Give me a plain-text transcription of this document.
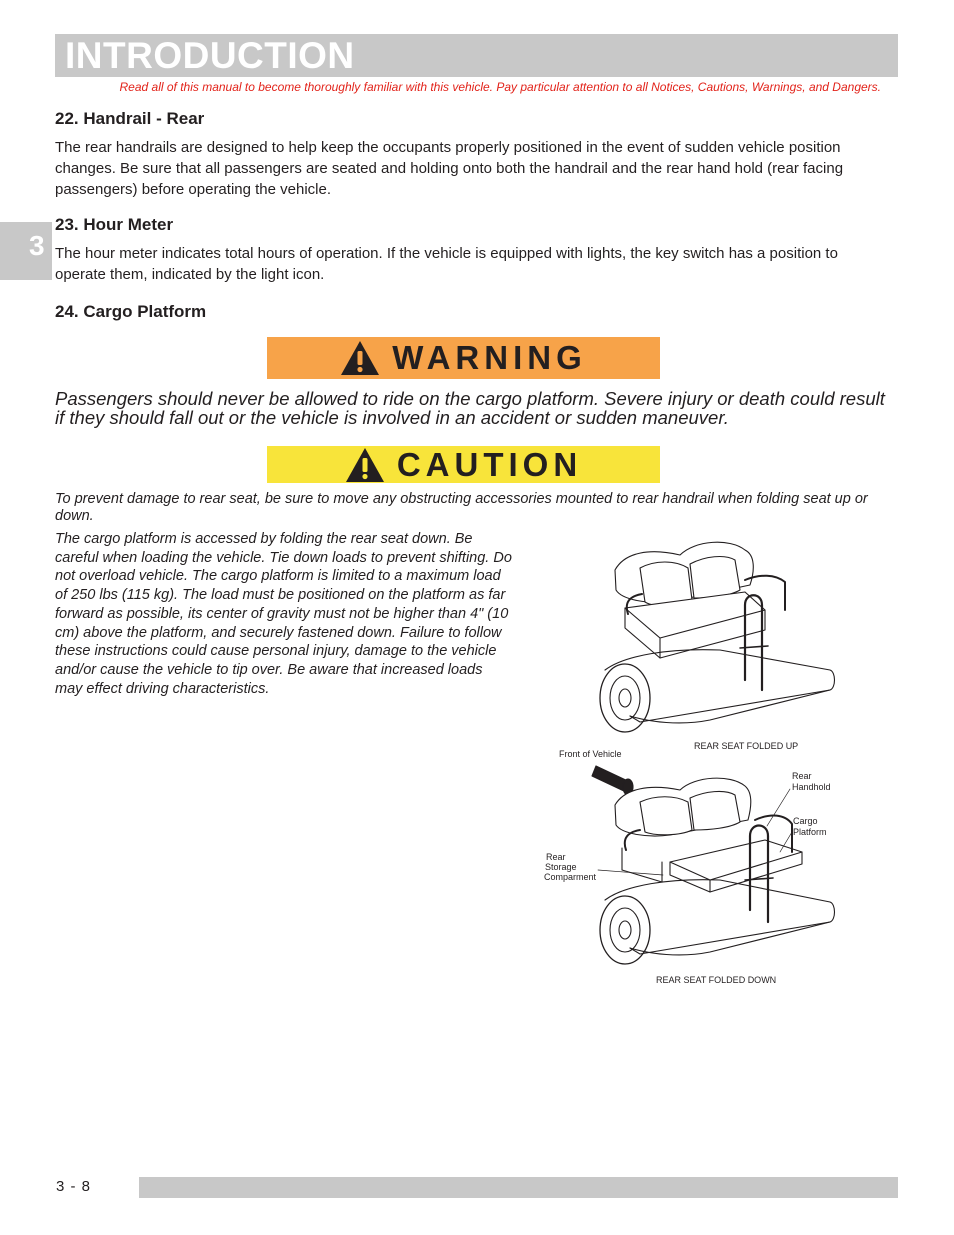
INTRODUCTION
Read all of this manual to become thoroughly familiar with this vehicle. Pay particular attention to all Notices, Cautions, Warnings, and Dangers.
3
22. Handrail - Rear

The rear handrails are designed to help keep the occupants properly positioned in the event of sudden vehicle position changes. Be sure that all passengers are seated and holding onto both the handrail and the rear hand hold (rear facing passengers) before operating the vehicle.

23. Hour Meter

The hour meter indicates total hours of operation. If the vehicle is equipped with lights, the key switch has a position to operate them, indicated by the light icon.

24. Cargo Platform
WARNING
Passengers should never be allowed to ride on the cargo platform. Severe injury or death could result if they should fall out or the vehicle is involved in an accident or sudden maneuver.
CAUTION
To prevent damage to rear seat, be sure to move any obstructing accessories mounted to rear handrail when folding seat up or down.
The cargo platform is accessed by folding the rear seat down. Be careful when loading the vehicle. Tie down loads to prevent shifting. Do not overload vehicle. The cargo platform is limited to a maximum load of 250 lbs (115 kg). The load must be positioned on the platform as far forward as possible, its center of gravity must not be higher than 4" (10 cm) above the platform, and securely fastened down. Failure to follow these instructions could cause personal injury, damage to the vehicle and/or cause the vehicle to tip over. Be aware that increased loads may effect driving characteristics.
REAR SEAT FOLDED UP
Front of Vehicle
Rear
Handhold
Cargo
Platform
Rear
Storage
Comparment
REAR SEAT FOLDED DOWN
3 - 8
